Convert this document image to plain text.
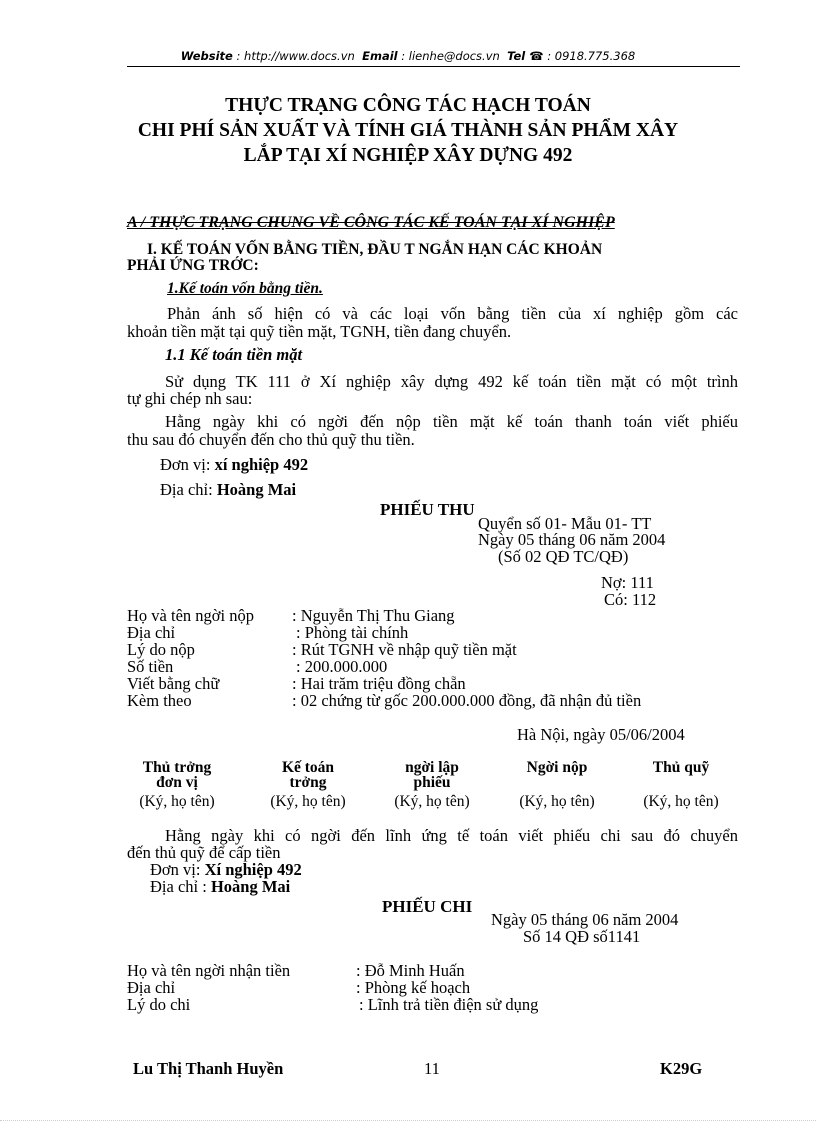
Website : http://www.docs.vn Email : lienhe@docs.vn Tel ☎ : 0918.775.368
THỰC TRẠNG CÔNG TÁC HẠCH TOÁN
CHI PHÍ SẢN XUẤT VÀ TÍNH GIÁ THÀNH SẢN PHẨM XÂY
LẮP TẠI XÍ NGHIỆP XÂY DỰNG 492
A / THỰC TRẠNG CHUNG VỀ CÔNG TÁC KẾ TOÁN TẠI XÍ NGHIỆP
I. KẾ TOÁN VỐN BẰNG TIỀN, ĐẦU T NGẮN HẠN CÁC KHOẢN
PHẢI ỨNG TRỚC:
1.Kế toán vốn bằng tiền.
Phản ánh số hiện có và các loại vốn bằng tiền của xí nghiệp gồm các
khoản tiền mặt tại quỹ tiền mặt, TGNH, tiền đang chuyển.
1.1 Kế toán tiền mặt
Sử dụng TK 111 ở Xí nghiệp xây dựng 492 kế toán tiền mặt có một trình
tự ghi chép nh sau:
Hằng ngày khi có ngời đến nộp tiền mặt kế toán thanh toán viết phiếu
thu sau đó chuyển đến cho thủ quỹ thu tiền.
Đơn vị: xí nghiệp 492
Địa chỉ: Hoàng Mai
PHIẾU THU
Quyển số 01- Mẫu 01- TT
Ngày 05 tháng 06 năm 2004
(Số 02 QĐ TC/QĐ)
Nợ: 111
Có: 112
Họ và tên ngời nộp
Địa chỉ
Lý do nộp
Số tiền
Viết bằng chữ
Kèm theo
: Nguyễn Thị Thu Giang
: Phòng tài chính
: Rút TGNH về nhập quỹ tiền mặt
: 200.000.000
: Hai trăm triệu đồng chẵn
: 02 chứng từ gốc 200.000.000 đồng, đã nhận đủ tiền
Hà Nội, ngày 05/06/2004
Thủ trởng
đơn vị
(Ký, họ tên)
Kế toán
trởng
(Ký, họ tên)
ngời lập
phiếu
(Ký, họ tên)
Ngời nộp
(Ký, họ tên)
Thủ quỹ
(Ký, họ tên)
Hằng ngày khi có ngời đến lĩnh ứng tế toán viết phiếu chi sau đó chuyển
đến thủ quỹ để cấp tiền
Đơn vị: Xí nghiệp 492
Địa chỉ : Hoàng Mai
PHIẾU CHI
Ngày 05 tháng 06 năm 2004
Số 14 QĐ số1141
Họ và tên ngời nhận tiền
Địa chỉ
Lý do chi
: Đỗ Minh Huấn
: Phòng kế hoạch
: Lĩnh trả tiền điện sử dụng
Lu Thị Thanh Huyền	11	K29G
